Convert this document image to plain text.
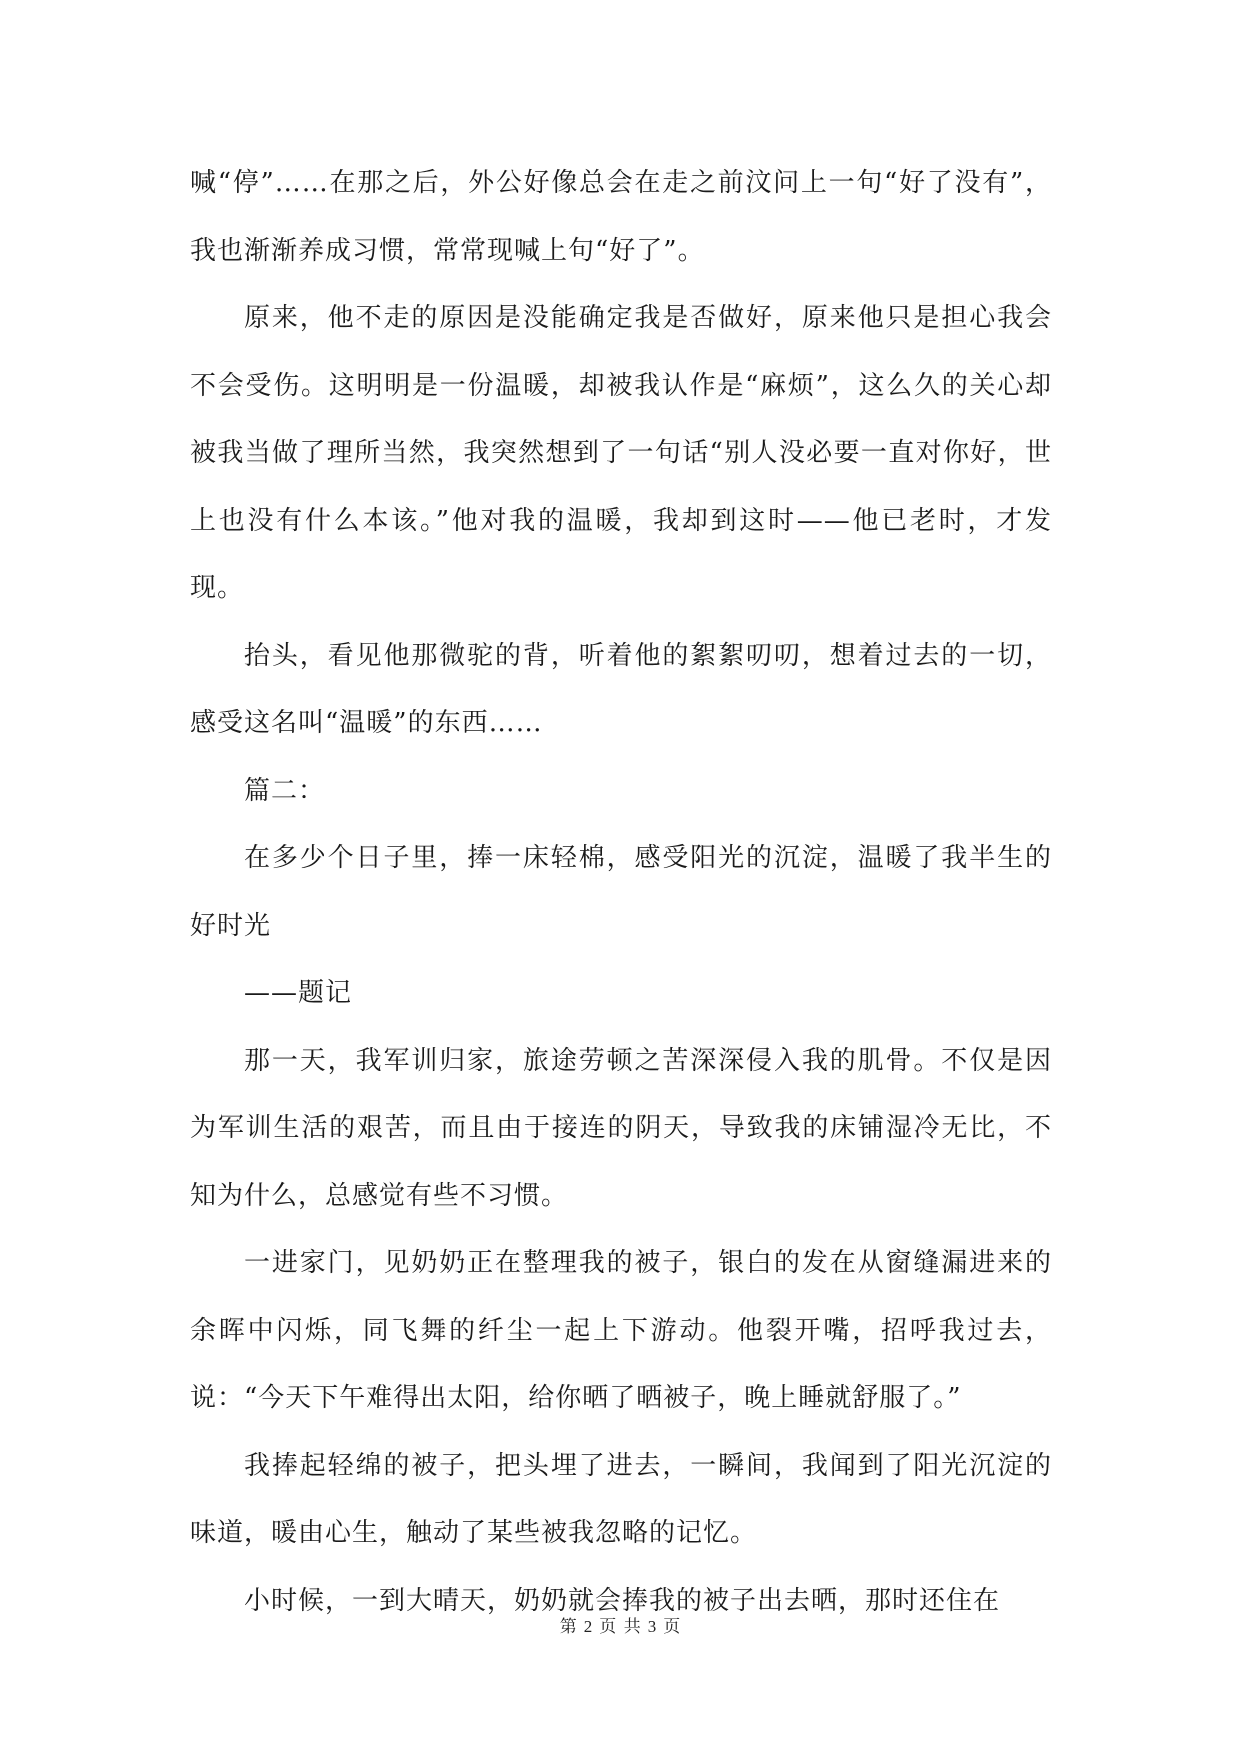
喊“停”……在那之后，外公好像总会在走之前汶问上一句“好了没有”，我也渐渐养成习惯，常常现喊上句“好了”。

原来，他不走的原因是没能确定我是否做好，原来他只是担心我会不会受伤。这明明是一份温暖，却被我认作是“麻烦”，这么久的关心却被我当做了理所当然，我突然想到了一句话“别人没必要一直对你好，世上也没有什么本该。”他对我的温暖，我却到这时——他已老时，才发现。

抬头，看见他那微驼的背，听着他的絮絮叨叨，想着过去的一切，感受这名叫“温暖”的东西……

篇二：

在多少个日子里，捧一床轻棉，感受阳光的沉淀，温暖了我半生的好时光

——题记

那一天，我军训归家，旅途劳顿之苦深深侵入我的肌骨。不仅是因为军训生活的艰苦，而且由于接连的阴天，导致我的床铺湿冷无比，不知为什么，总感觉有些不习惯。

一进家门，见奶奶正在整理我的被子，银白的发在从窗缝漏进来的余晖中闪烁，同飞舞的纤尘一起上下游动。他裂开嘴，招呼我过去，说：“今天下午难得出太阳，给你晒了晒被子，晚上睡就舒服了。”

我捧起轻绵的被子，把头埋了进去，一瞬间，我闻到了阳光沉淀的味道，暖由心生，触动了某些被我忽略的记忆。

小时候，一到大晴天，奶奶就会捧我的被子出去晒，那时还住在

第 2 页 共 3 页
